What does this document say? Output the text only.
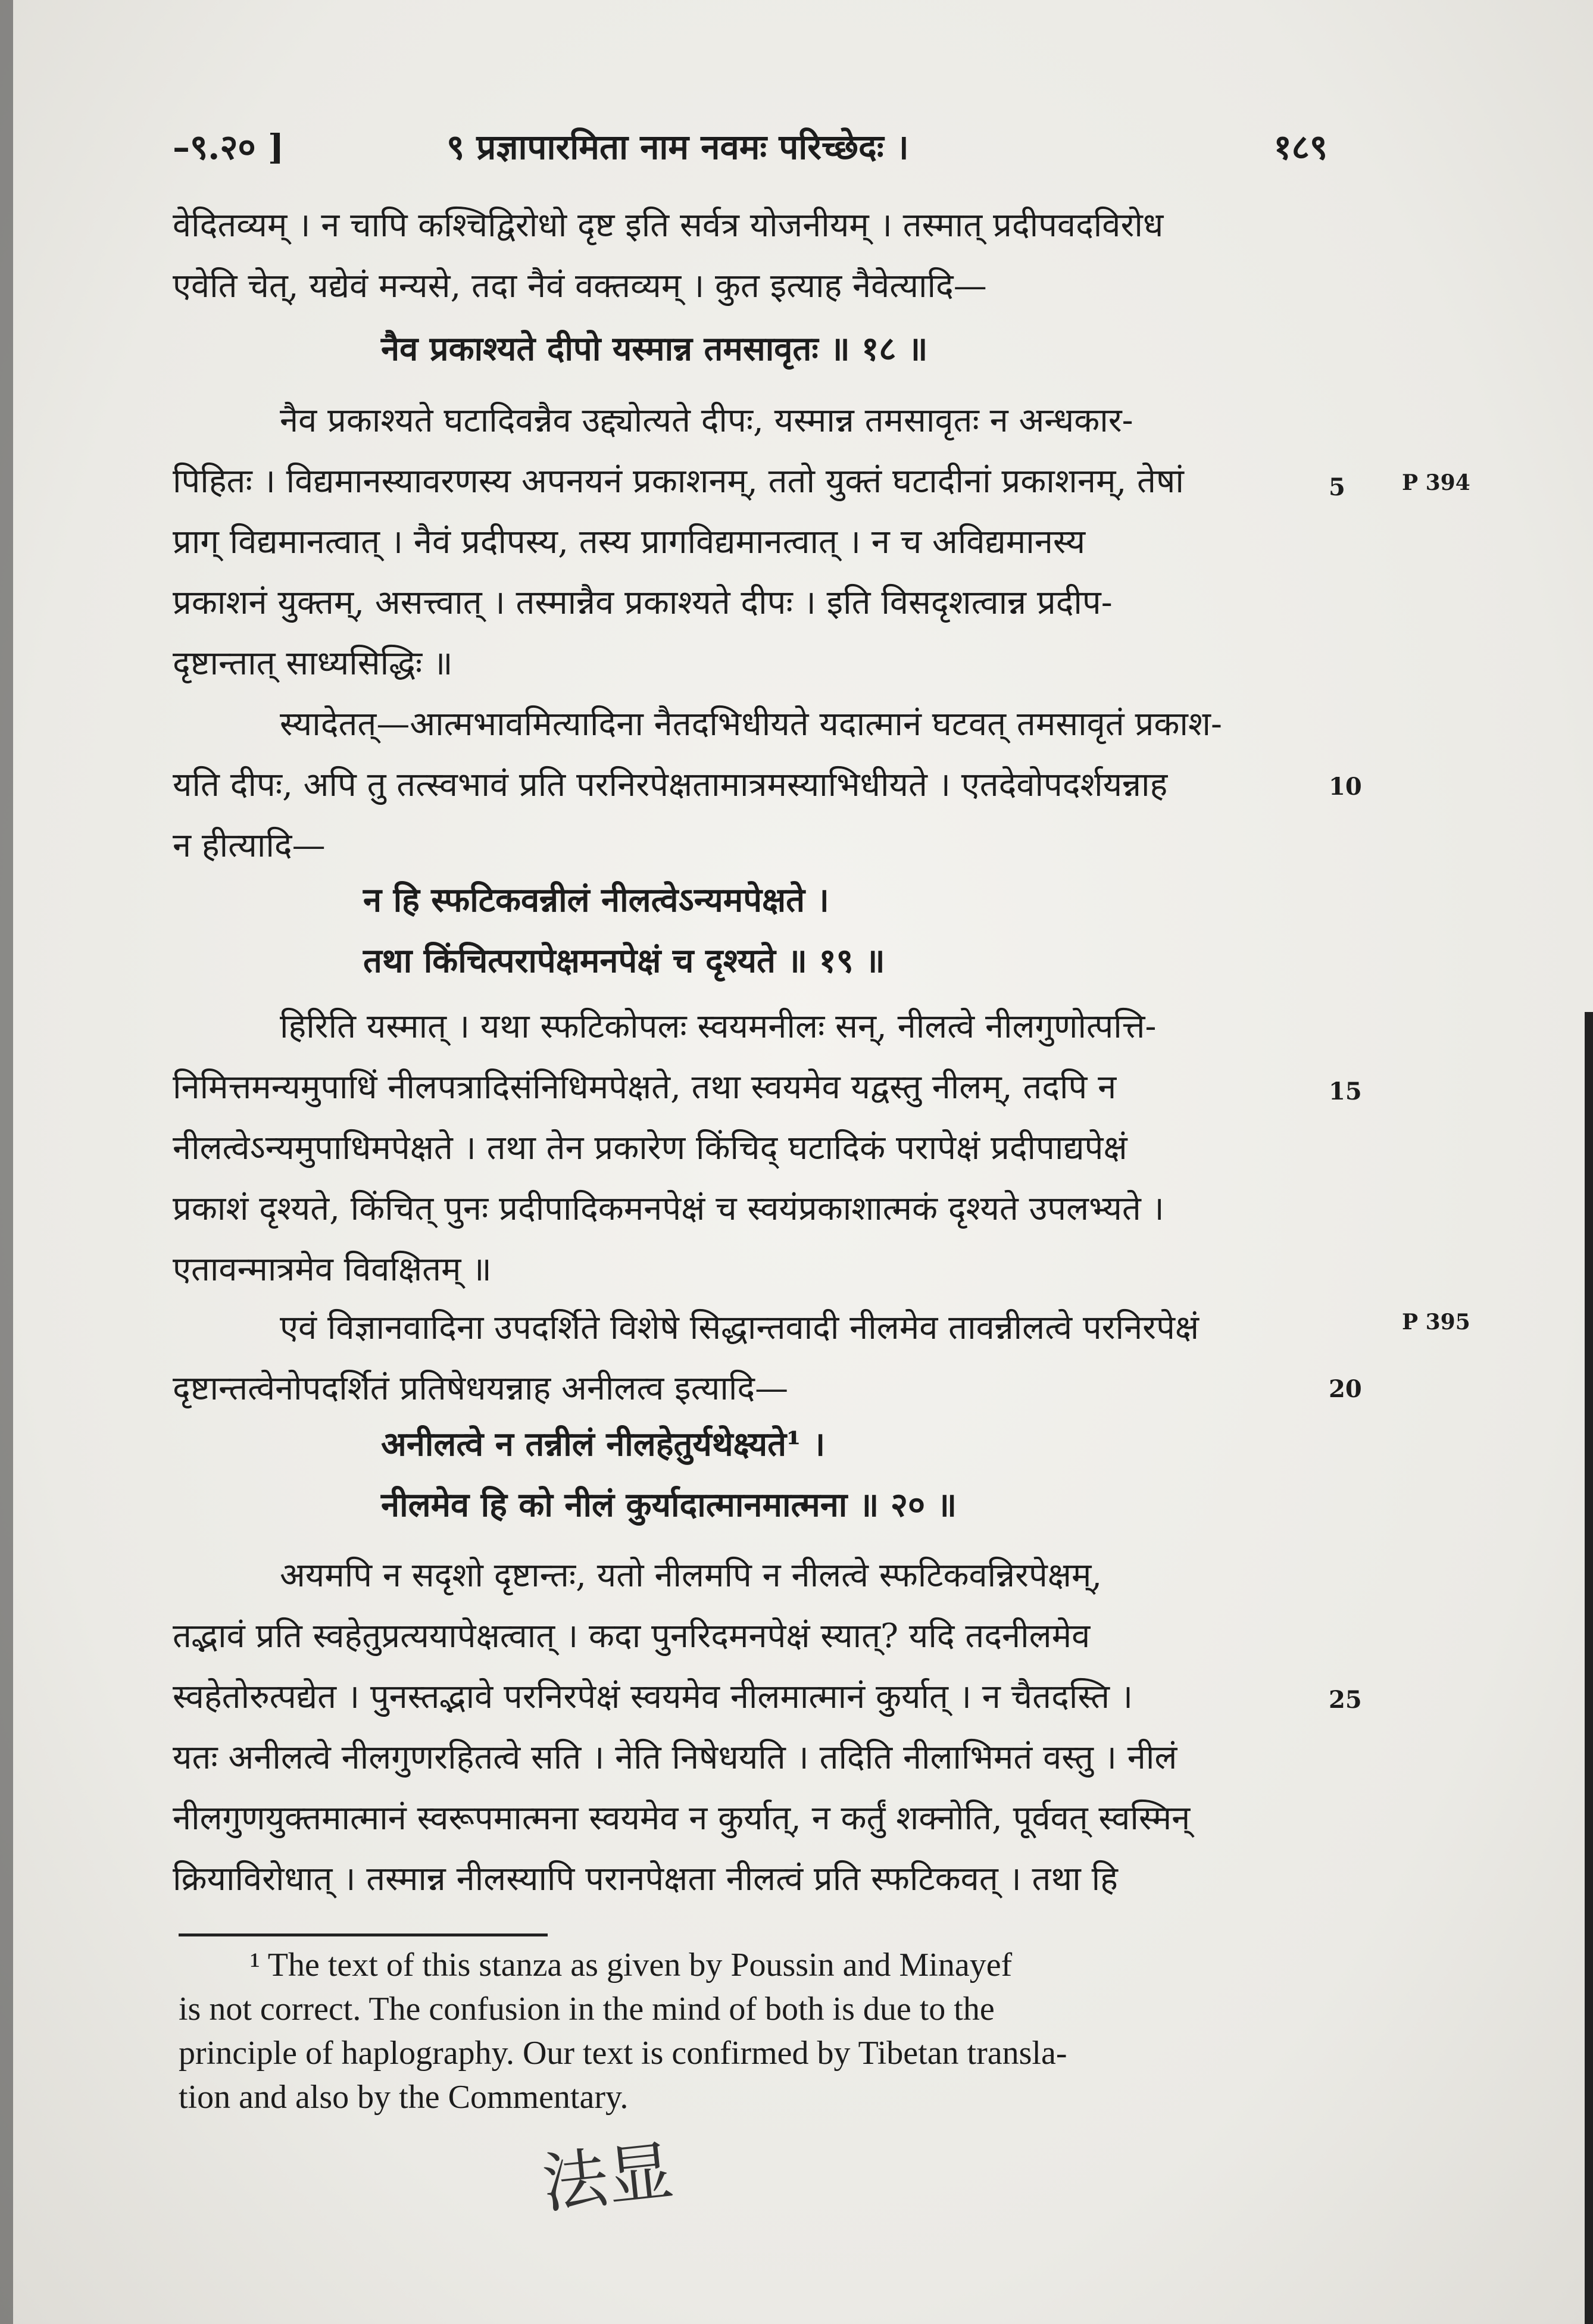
–९.२० ]	९ प्रज्ञापारमिता नाम नवमः परिच्छेदः ।	१८९
वेदितव्यम् । न चापि कश्चिद्विरोधो दृष्ट इति सर्वत्र योजनीयम् । तस्मात् प्रदीपवदविरोध
एवेति चेत्, यद्येवं मन्यसे, तदा नैवं वक्तव्यम् । कुत इत्याह नैवेत्यादि—
नैव प्रकाश्यते दीपो यस्मान्न तमसावृतः ॥ १८ ॥
नैव प्रकाश्यते घटादिवन्नैव उद्द्योत्यते दीपः, यस्मान्न तमसावृतः न अन्धकार-
पिहितः । विद्यमानस्यावरणस्य अपनयनं प्रकाशनम्, ततो युक्तं घटादीनां प्रकाशनम्, तेषां
प्राग् विद्यमानत्वात् । नैवं प्रदीपस्य, तस्य प्रागविद्यमानत्वात् । न च अविद्यमानस्य
प्रकाशनं युक्तम्, असत्त्वात् । तस्मान्नैव प्रकाश्यते दीपः । इति विसदृशत्वान्न प्रदीप-
दृष्टान्तात् साध्यसिद्धिः ॥
स्यादेतत्—आत्मभावमित्यादिना नैतदभिधीयते यदात्मानं घटवत् तमसावृतं प्रकाश-
यति दीपः, अपि तु तत्स्वभावं प्रति परनिरपेक्षतामात्रमस्याभिधीयते । एतदेवोपदर्शयन्नाह
न हीत्यादि—
न हि स्फटिकवन्नीलं नीलत्वेऽन्यमपेक्षते ।
तथा किंचित्परापेक्षमनपेक्षं च दृश्यते ॥ १९ ॥
हिरिति यस्मात् । यथा स्फटिकोपलः स्वयमनीलः सन्, नीलत्वे नीलगुणोत्पत्ति-
निमित्तमन्यमुपाधिं नीलपत्रादिसंनिधिमपेक्षते, तथा स्वयमेव यद्वस्तु नीलम्, तदपि न
नीलत्वेऽन्यमुपाधिमपेक्षते । तथा तेन प्रकारेण किंचिद् घटादिकं परापेक्षं प्रदीपाद्यपेक्षं
प्रकाशं दृश्यते, किंचित् पुनः प्रदीपादिकमनपेक्षं च स्वयंप्रकाशात्मकं दृश्यते उपलभ्यते ।
एतावन्मात्रमेव विवक्षितम् ॥
एवं विज्ञानवादिना उपदर्शिते विशेषे सिद्धान्तवादी नीलमेव तावन्नीलत्वे परनिरपेक्षं
दृष्टान्तत्वेनोपदर्शितं प्रतिषेधयन्नाह अनीलत्व इत्यादि—
अनीलत्वे न तन्नीलं नीलहेतुर्यथेक्ष्यते¹ ।
नीलमेव हि को नीलं कुर्यादात्मानमात्मना ॥ २० ॥
अयमपि न सदृशो दृष्टान्तः, यतो नीलमपि न नीलत्वे स्फटिकवन्निरपेक्षम्,
तद्भावं प्रति स्वहेतुप्रत्ययापेक्षत्वात् । कदा पुनरिदमनपेक्षं स्यात्? यदि तदनीलमेव
स्वहेतोरुत्पद्येत । पुनस्तद्भावे परनिरपेक्षं स्वयमेव नीलमात्मानं कुर्यात् । न चैतदस्ति ।
यतः अनीलत्वे नीलगुणरहितत्वे सति । नेति निषेधयति । तदिति नीलाभिमतं वस्तु । नीलं
नीलगुणयुक्तमात्मानं स्वरूपमात्मना स्वयमेव न कुर्यात्, न कर्तुं शक्नोति, पूर्ववत् स्वस्मिन्
क्रियाविरोधात् । तस्मान्न नीलस्यापि परानपेक्षता नीलत्वं प्रति स्फटिकवत् । तथा हि
5
10
15
20
25
P 394
P 395
¹ The text of this stanza as given by Poussin and Minayef
is not correct. The confusion in the mind of both is due to the
principle of haplography. Our text is confirmed by Tibetan transla-
tion and also by the Commentary.
法显
